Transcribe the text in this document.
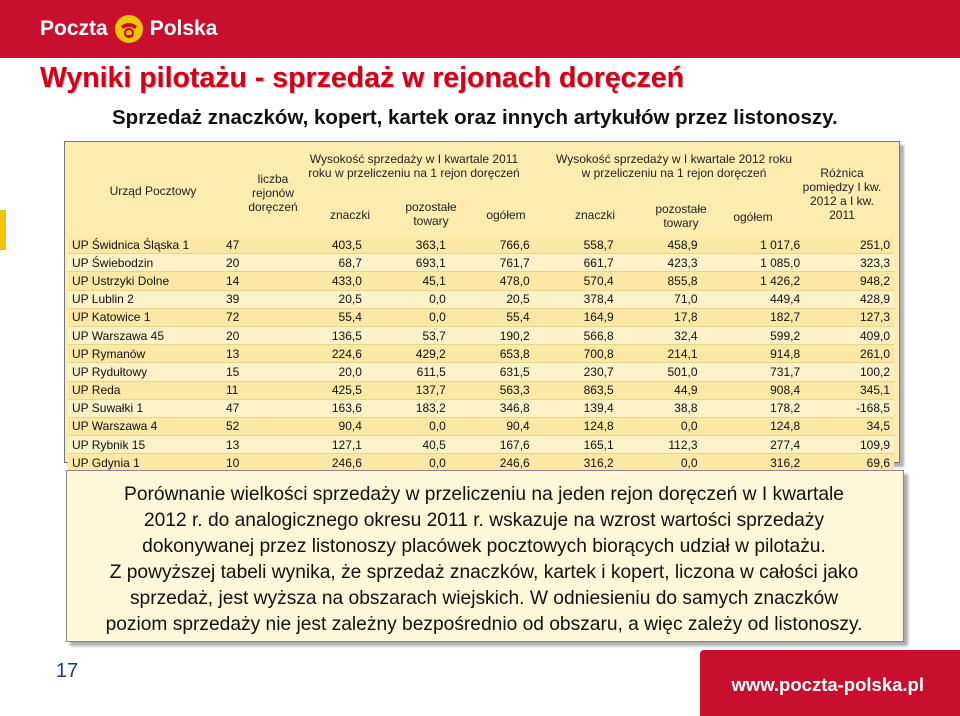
Poczta Polska
Wyniki pilotażu - sprzedaż w rejonach doręczeń
Sprzedaż znaczków, kopert, kartek oraz innych artykułów przez listonoszy.
Urząd Pocztowy
liczba rejonów doręczeń
Wysokość sprzedaży w I kwartale 2011 roku w przeliczeniu na 1 rejon doręczeń
znaczki
pozostałe towary	ogółem
Wysokość sprzedaży w I kwartale 2012 roku w przeliczeniu na 1 rejon doręczeń
znaczki	pozostałe towary	ogółem
Różnica pomiędzy I kw. 2012 a I kw. 2011
UP Świdnica Śląska 1	47	403,5	363,1	766,6	558,7	458,9	1 017,6	251,0
UP Świebodzin	20	68,7	693,1	761,7	661,7	423,3	1 085,0	323,3
UP Ustrzyki Dolne	14	433,0	45,1	478,0	570,4	855,8	1 426,2	948,2
UP Lublin 2	39	20,5	0,0	20,5	378,4	71,0	449,4	428,9
UP Katowice 1	72	55,4	0,0	55,4	164,9	17,8	182,7	127,3
UP Warszawa 45	20	136,5	53,7	190,2	566,8	32,4	599,2	409,0
UP Rymanów	13	224,6	429,2	653,8	700,8	214,1	914,8	261,0
UP Rydułtowy	15	20,0	611,5	631,5	230,7	501,0	731,7	100,2
UP Reda	11	425,5	137,7	563,3	863,5	44,9	908,4	345,1
UP Suwałki 1	47	163,6	183,2	346,8	139,4	38,8	178,2	-168,5
UP Warszawa 4	52	90,4	0,0	90,4	124,8	0,0	124,8	34,5
UP Rybnik 15	13	127,1	40,5	167,6	165,1	112,3	277,4	109,9
UP Gdynia 1	10	246,6	0,0	246,6	316,2	0,0	316,2	69,6

Porównanie wielkości sprzedaży w przeliczeniu na jeden rejon doręczeń w I kwartale
2012 r. do analogicznego okresu 2011 r. wskazuje na wzrost wartości sprzedaży
dokonywanej przez listonoszy placówek pocztowych biorących udział w pilotażu.
Z powyższej tabeli wynika, że sprzedaż znaczków, kartek i kopert, liczona w całości jako
sprzedaż, jest wyższa na obszarach wiejskich. W odniesieniu do samych znaczków
poziom sprzedaży nie jest zależny bezpośrednio od obszaru, a więc zależy od listonoszy.
17
www.poczta-polska.pl
